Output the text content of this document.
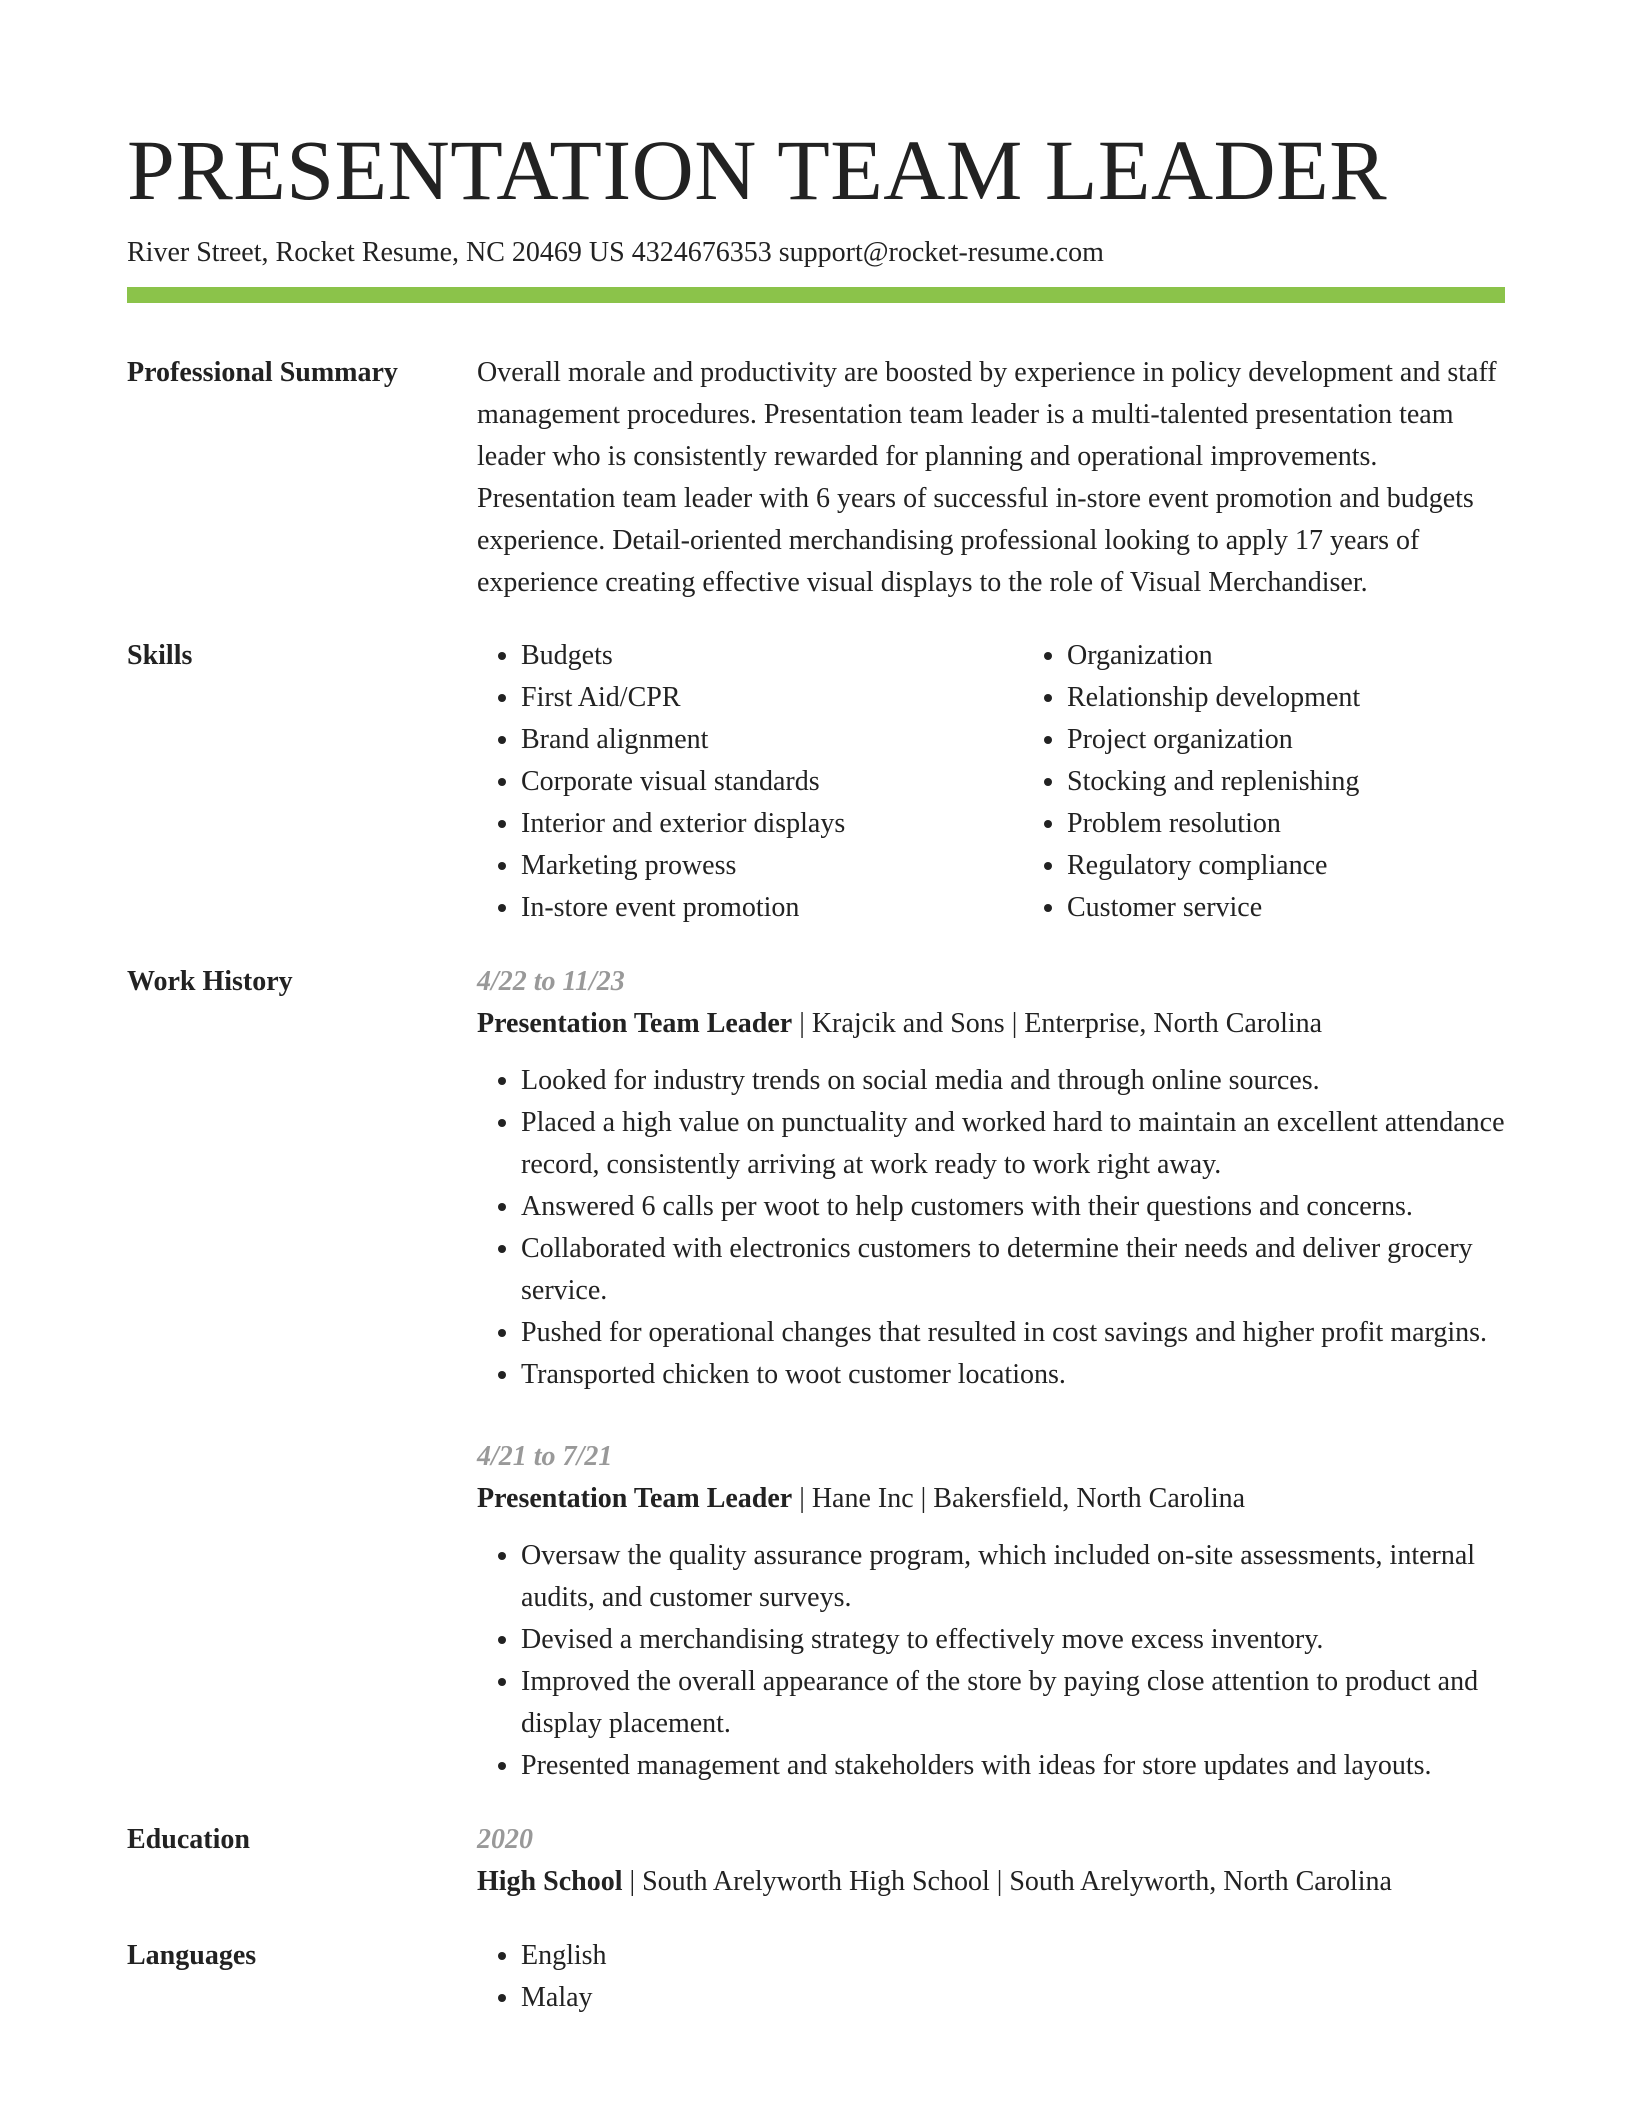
PRESENTATION TEAM LEADER
River Street, Rocket Resume, NC 20469 US 4324676353 support@rocket-resume.com
Professional Summary	Overall morale and productivity are boosted by experience in policy development and staff management procedures. Presentation team leader is a multi-talented presentation team leader who is consistently rewarded for planning and operational improvements. Presentation team leader with 6 years of successful in-store event promotion and budgets experience. Detail-oriented merchandising professional looking to apply 17 years of experience creating effective visual displays to the role of Visual Merchandiser.
Skills	• Budgets
• First Aid/CPR
• Brand alignment
• Corporate visual standards
• Interior and exterior displays
• Marketing prowess
• In-store event promotion
• Organization
• Relationship development
• Project organization
• Stocking and replenishing
• Problem resolution
• Regulatory compliance
• Customer service
Work History	4/22 to 11/23
Presentation Team Leader | Krajcik and Sons | Enterprise, North Carolina
• Looked for industry trends on social media and through online sources.
• Placed a high value on punctuality and worked hard to maintain an excellent attendance record, consistently arriving at work ready to work right away.
• Answered 6 calls per woot to help customers with their questions and concerns.
• Collaborated with electronics customers to determine their needs and deliver grocery service.
• Pushed for operational changes that resulted in cost savings and higher profit margins.
• Transported chicken to woot customer locations.
4/21 to 7/21
Presentation Team Leader | Hane Inc | Bakersfield, North Carolina
• Oversaw the quality assurance program, which included on-site assessments, internal audits, and customer surveys.
• Devised a merchandising strategy to effectively move excess inventory.
• Improved the overall appearance of the store by paying close attention to product and display placement.
• Presented management and stakeholders with ideas for store updates and layouts.
Education	2020
High School | South Arelyworth High School | South Arelyworth, North Carolina
Languages	• English
• Malay
